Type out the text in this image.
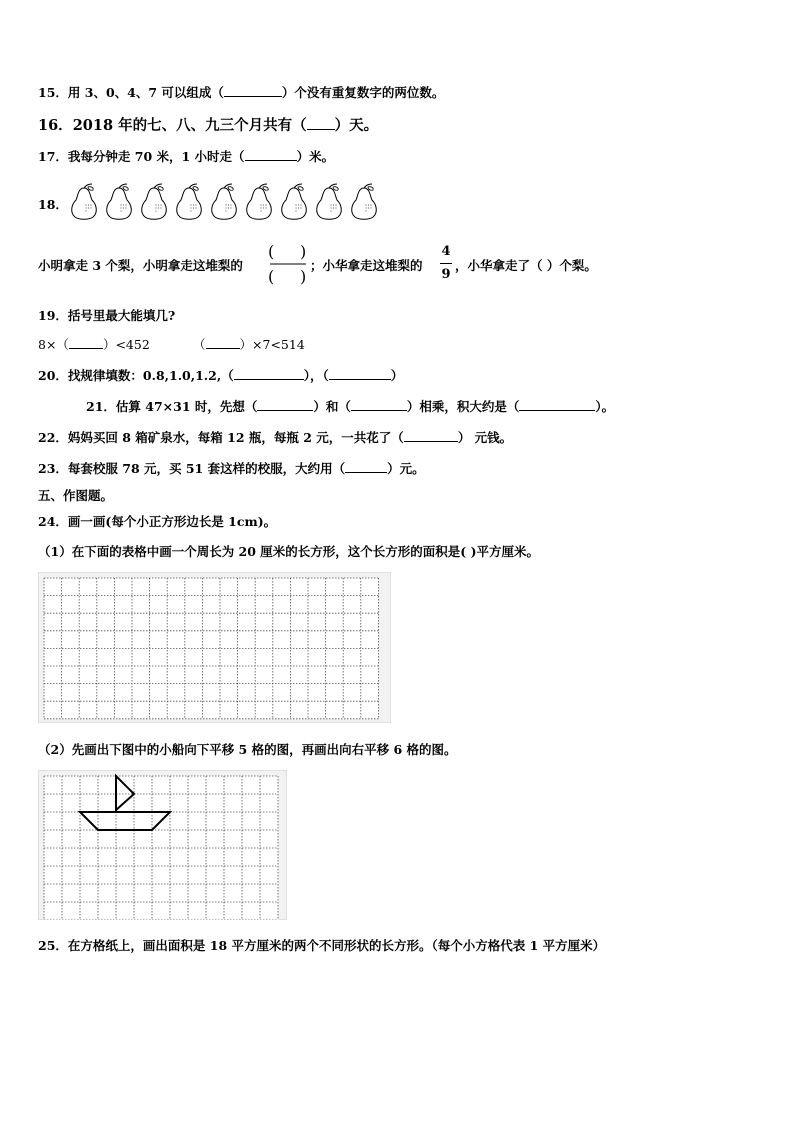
15．用 3、0、4、7 可以组成（	）个没有重复数字的两位数。
16．2018 年的七、八、九三个月共有（ ）天。
17．我每分钟走 70 米，1 小时走（	）米。
18．
小明拿走 3 个梨，小明拿走这堆梨的
( )
( )
；小华拿走这堆梨的
4
9
，小华拿走了（ ）个梨。
19．括号里最大能填几?
8×（	）<452	（	）×7<514
20．找规律填数：0.8,1.0,1.2,（	），（	）
21．估算 47×31 时，先想（	）和（	）相乘，积大约是（	）。
22．妈妈买回 8 箱矿泉水，每箱 12 瓶，每瓶 2 元，一共花了（	） 元钱。
23．每套校服 78 元，买 51 套这样的校服，大约用（	）元。
五、作图题。
24．画一画(每个小正方形边长是 1cm)。
（1）在下面的表格中画一个周长为 20 厘米的长方形，这个长方形的面积是( )平方厘米。
（2）先画出下图中的小船向下平移 5 格的图，再画出向右平移 6 格的图。
25．在方格纸上，画出面积是 18 平方厘米的两个不同形状的长方形。（每个小方格代表 1 平方厘米）
